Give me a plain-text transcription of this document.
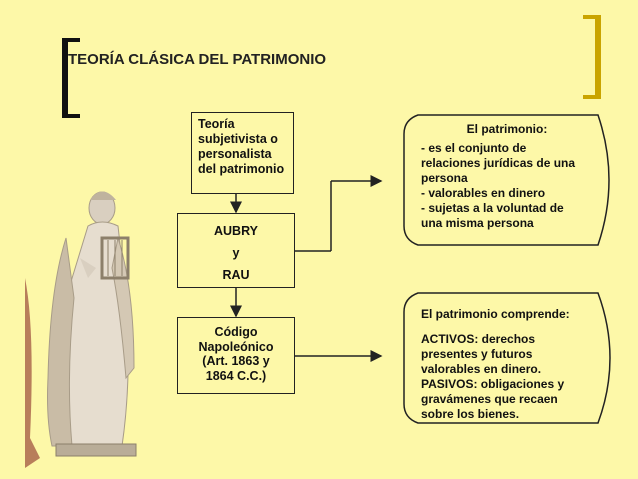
TEORÍA CLÁSICA DEL PATRIMONIO
Teoría
subjetivista o
personalista
del patrimonio
AUBRY
y
RAU
Código
Napoleónico
(Art. 1863 y
1864 C.C.)
El patrimonio:
- es el conjunto de
relaciones jurídicas de una
persona
- valorables en dinero
- sujetas a la voluntad de
una misma persona
El patrimonio comprende:
ACTIVOS: derechos
presentes y futuros
valorables en dinero.
PASIVOS: obligaciones y
gravámenes que recaen
sobre los bienes.
